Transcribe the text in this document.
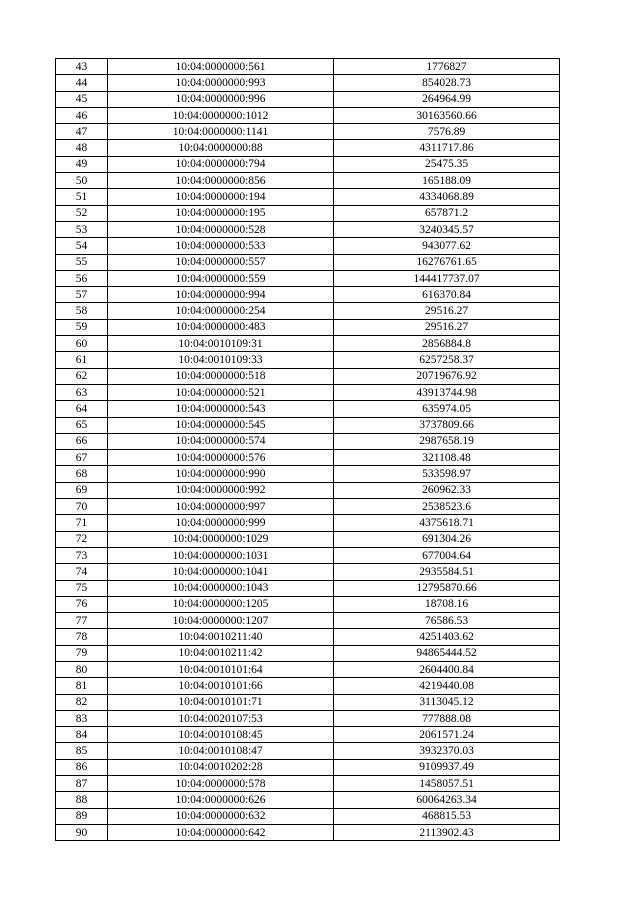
43	10:04:0000000:561	1776827
44	10:04:0000000:993	854028.73
45	10:04:0000000:996	264964.99
46	10:04:0000000:1012	30163560.66
47	10:04:0000000:1141	7576.89
48	10:04:0000000:88	4311717.86
49	10:04:0000000:794	25475.35
50	10:04:0000000:856	165188.09
51	10:04:0000000:194	4334068.89
52	10:04:0000000:195	657871.2
53	10:04:0000000:528	3240345.57
54	10:04:0000000:533	943077.62
55	10:04:0000000:557	16276761.65
56	10:04:0000000:559	144417737.07
57	10:04:0000000:994	616370.84
58	10:04:0000000:254	29516.27
59	10:04:0000000:483	29516.27
60	10:04:0010109:31	2856884.8
61	10:04:0010109:33	6257258.37
62	10:04:0000000:518	20719676.92
63	10:04:0000000:521	43913744.98
64	10:04:0000000:543	635974.05
65	10:04:0000000:545	3737809.66
66	10:04:0000000:574	2987658.19
67	10:04:0000000:576	321108.48
68	10:04:0000000:990	533598.97
69	10:04:0000000:992	260962.33
70	10:04:0000000:997	2538523.6
71	10:04:0000000:999	4375618.71
72	10:04:0000000:1029	691304.26
73	10:04:0000000:1031	677004.64
74	10:04:0000000:1041	2935584.51
75	10:04:0000000:1043	12795870.66
76	10:04:0000000:1205	18708.16
77	10:04:0000000:1207	76586.53
78	10:04:0010211:40	4251403.62
79	10:04:0010211:42	94865444.52
80	10:04:0010101:64	2604400.84
81	10:04:0010101:66	4219440.08
82	10:04:0010101:71	3113045.12
83	10:04:0020107:53	777888.08
84	10:04:0010108:45	2061571.24
85	10:04:0010108:47	3932370.03
86	10:04:0010202:28	9109937.49
87	10:04:0000000:578	1458057.51
88	10:04:0000000:626	60064263.34
89	10:04:0000000:632	468815.53
90	10:04:0000000:642	2113902.43
